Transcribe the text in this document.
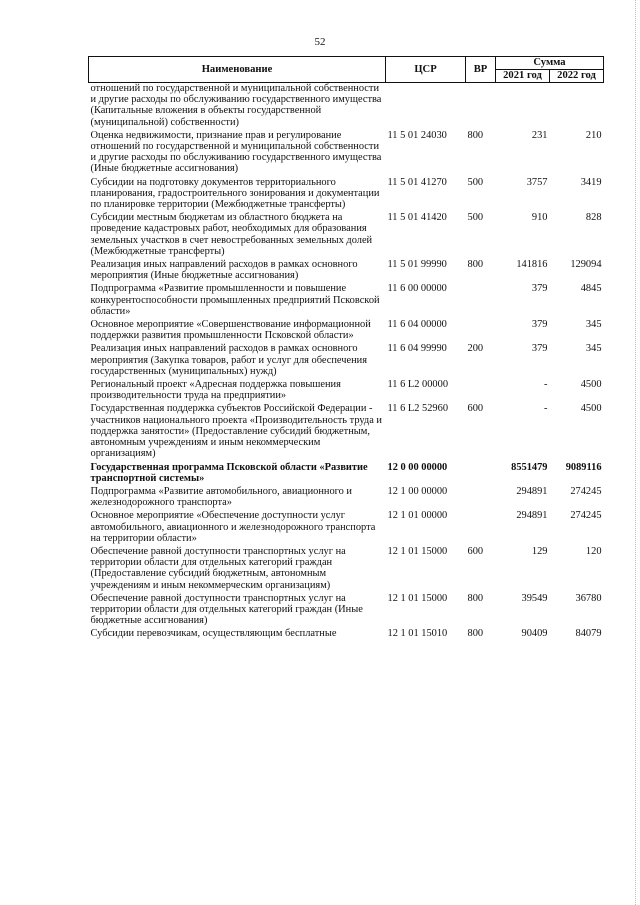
52
Наименование	ЦСР	ВР	Сумма	
			2021 год	2022 год
отношений по государственной и муниципальной собственности и другие расходы по обслуживанию государственного имущества (Капитальные вложения в объекты государственной (муниципальной) собственности)				
Оценка недвижимости, признание прав и регулирование отношений по государственной и муниципальной собственности и другие расходы по обслуживанию государственного имущества (Иные бюджетные ассигнования)	11 5 01 24030	800	231	210
Субсидии на подготовку документов территориального планирования, градостроительного зонирования и документации по планировке территории (Межбюджетные трансферты)	11 5 01 41270	500	3757	3419
Субсидии местным бюджетам из областного бюджета на проведение кадастровых работ, необходимых для образования земельных участков в счет невостребованных земельных долей (Межбюджетные трансферты)	11 5 01 41420	500	910	828
Реализация иных направлений расходов в рамках основного мероприятия (Иные бюджетные ассигнования)	11 5 01 99990	800	141816	129094
Подпрограмма «Развитие промышленности и повышение конкурентоспособности промышленных предприятий Псковской области»	11 6 00 00000		379	4845
Основное мероприятие «Совершенствование информационной поддержки развития промышленности Псковской области»	11 6 04 00000		379	345
Реализация иных направлений расходов в рамках основного мероприятия (Закупка товаров, работ и услуг для обеспечения государственных (муниципальных) нужд)	11 6 04 99990	200	379	345
Региональный проект «Адресная поддержка повышения производительности труда на предприятии»	11 6 L2 00000		-	4500
Государственная поддержка субъектов Российской Федерации - участников национального проекта «Производительность труда и поддержка занятости» (Предоставление субсидий бюджетным, автономным учреждениям и иным некоммерческим организациям)	11 6 L2 52960	600	-	4500
Государственная программа Псковской области «Развитие транспортной системы»	12 0 00 00000		8551479	9089116
Подпрограмма «Развитие автомобильного, авиационного и железнодорожного транспорта»	12 1 00 00000		294891	274245
Основное мероприятие «Обеспечение доступности услуг автомобильного, авиационного и железнодорожного транспорта на территории области»	12 1 01 00000		294891	274245
Обеспечение равной доступности транспортных услуг на территории области для отдельных категорий граждан (Предоставление субсидий бюджетным, автономным учреждениям и иным некоммерческим организациям)	12 1 01 15000	600	129	120
Обеспечение равной доступности транспортных услуг на территории области для отдельных категорий граждан (Иные бюджетные ассигнования)	12 1 01 15000	800	39549	36780
Субсидии перевозчикам, осуществляющим бесплатные	12 1 01 15010	800	90409	84079
